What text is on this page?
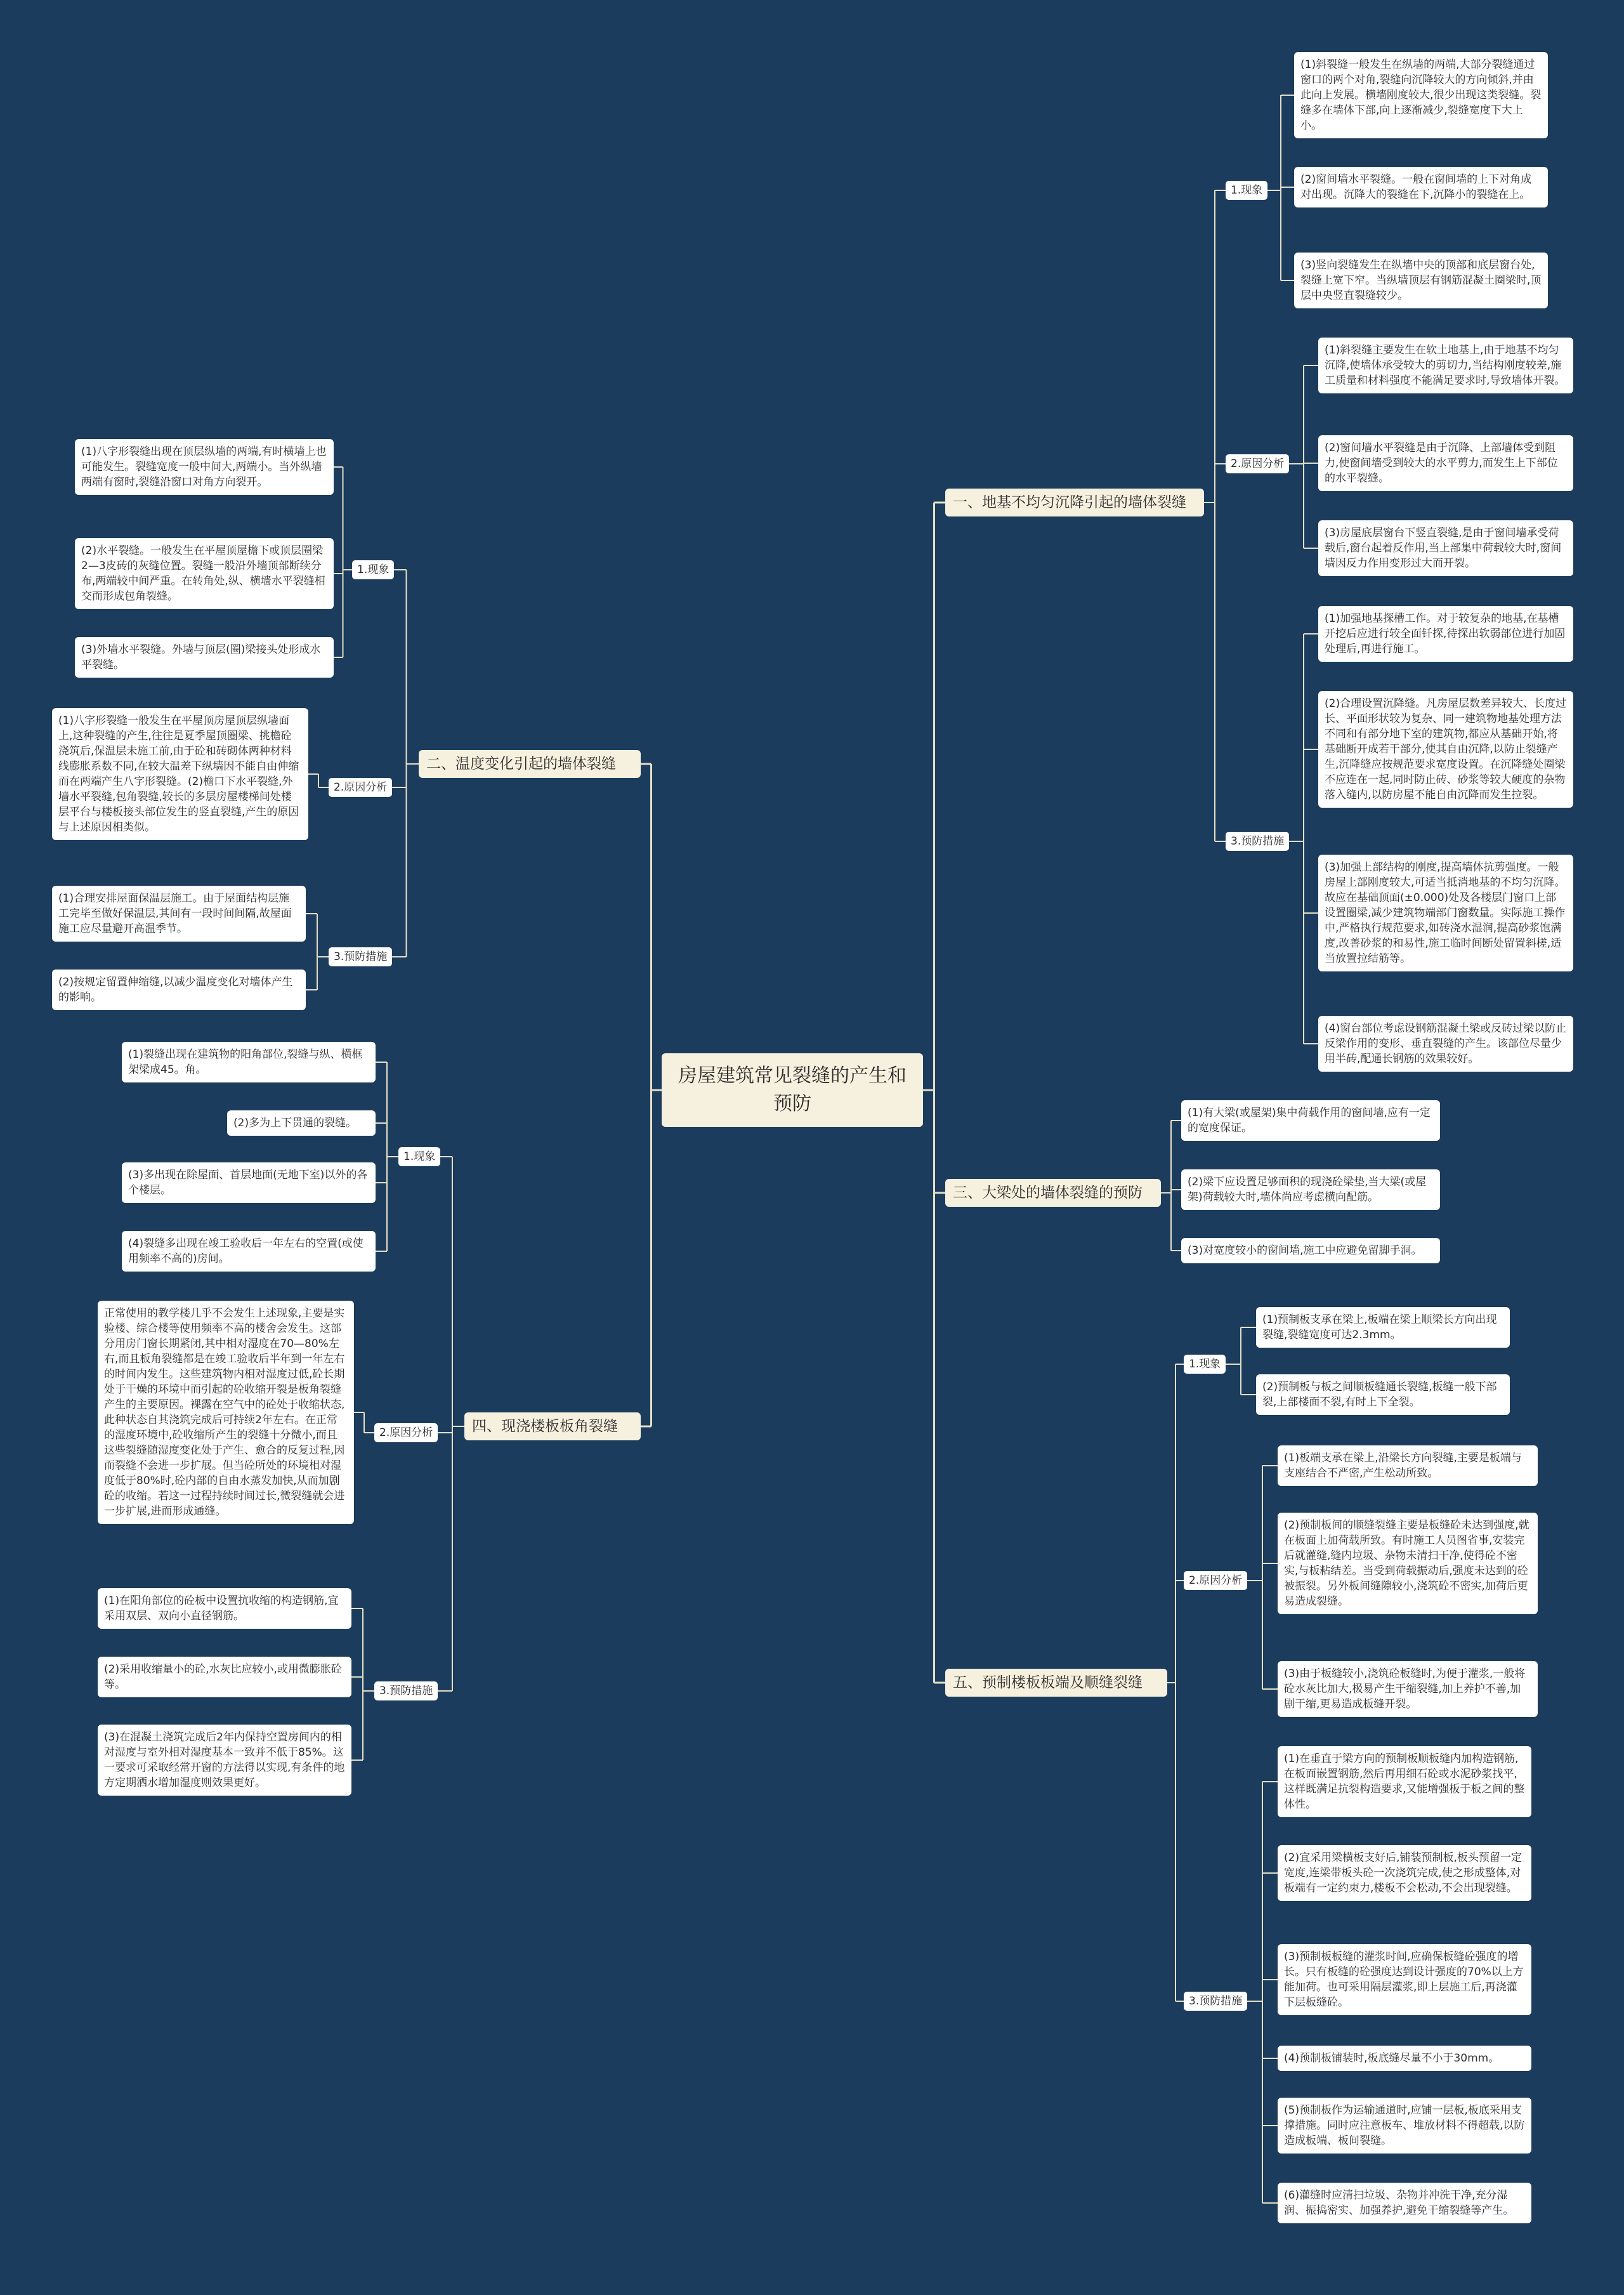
房屋建筑常见裂缝的产生和预防
一、地基不均匀沉降引起的墙体裂缝
1.现象
2.原因分析
3.预防措施
(1)斜裂缝一般发生在纵墙的两端,大部分裂缝通过窗口的两个对角,裂缝向沉降较大的方向倾斜,并由此向上发展。横墙刚度较大,很少出现这类裂缝。裂缝多在墙体下部,向上逐渐减少,裂缝宽度下大上小。
(2)窗间墙水平裂缝。一般在窗间墙的上下对角成对出现。沉降大的裂缝在下,沉降小的裂缝在上。
(3)竖向裂缝发生在纵墙中央的顶部和底层窗台处,裂缝上宽下窄。当纵墙顶层有钢筋混凝土圈梁时,顶层中央竖直裂缝较少。
(1)斜裂缝主要发生在软土地基上,由于地基不均匀沉降,使墙体承受较大的剪切力,当结构刚度较差,施工质量和材料强度不能满足要求时,导致墙体开裂。
(2)窗间墙水平裂缝是由于沉降、上部墙体受到阻力,使窗间墙受到较大的水平剪力,而发生上下部位的水平裂缝。
(3)房屋底层窗台下竖直裂缝,是由于窗间墙承受荷载后,窗台起着反作用,当上部集中荷载较大时,窗间墙因反力作用变形过大而开裂。
(1)加强地基探槽工作。对于较复杂的地基,在基槽开挖后应进行较全面钎探,待探出软弱部位进行加固处理后,再进行施工。
(2)合理设置沉降缝。凡房屋层数差异较大、长度过长、平面形状较为复杂、同一建筑物地基处理方法不同和有部分地下室的建筑物,都应从基础开始,将基础断开成若干部分,使其自由沉降,以防止裂缝产生,沉降缝应按规范要求宽度设置。在沉降缝处圈梁不应连在一起,同时防止砖、砂浆等较大硬度的杂物落入缝内,以防房屋不能自由沉降而发生拉裂。
(3)加强上部结构的刚度,提高墙体抗剪强度。一般房屋上部刚度较大,可适当抵消地基的不均匀沉降。故应在基础顶面(±0.000)处及各楼层门窗口上部设置圈梁,减少建筑物端部门窗数量。实际施工操作中,严格执行规范要求,如砖浇水湿润,提高砂浆饱满度,改善砂浆的和易性,施工临时间断处留置斜槎,适当放置拉结筋等。
(4)窗台部位考虑设钢筋混凝土梁或反砖过梁以防止反梁作用的变形、垂直裂缝的产生。该部位尽量少用半砖,配通长钢筋的效果较好。
三、大梁处的墙体裂缝的预防
(1)有大梁(或屋架)集中荷载作用的窗间墙,应有一定的宽度保证。
(2)梁下应设置足够面积的现浇砼梁垫,当大梁(或屋架)荷载较大时,墙体尚应考虑横向配筋。
(3)对宽度较小的窗间墙,施工中应避免留脚手洞。
五、预制楼板板端及顺缝裂缝
1.现象
2.原因分析
3.预防措施
(1)预制板支承在梁上,板端在梁上顺梁长方向出现裂缝,裂缝宽度可达2.3mm。
(2)预制板与板之间顺板缝通长裂缝,板缝一般下部裂,上部楼面不裂,有时上下全裂。
(1)板端支承在梁上,沿梁长方向裂缝,主要是板端与支座结合不严密,产生松动所致。
(2)预制板间的顺缝裂缝主要是板缝砼未达到强度,就在板面上加荷载所致。有时施工人员图省事,安装完后就灌缝,缝内垃圾、杂物未清扫干净,使得砼不密实,与板粘结差。当受到荷载振动后,强度未达到的砼被振裂。另外板间缝隙较小,浇筑砼不密实,加荷后更易造成裂缝。
(3)由于板缝较小,浇筑砼板缝时,为便于灌浆,一般将砼水灰比加大,极易产生干缩裂缝,加上养护不善,加剧干缩,更易造成板缝开裂。
(1)在垂直于梁方向的预制板顺板缝内加构造钢筋,在板面嵌置钢筋,然后再用细石砼或水泥砂浆找平,这样既满足抗裂构造要求,又能增强板于板之间的整体性。
(2)宜采用梁横板支好后,铺装预制板,板头预留一定宽度,连梁带板头砼一次浇筑完成,使之形成整体,对板端有一定约束力,楼板不会松动,不会出现裂缝。
(3)预制板板缝的灌浆时间,应确保板缝砼强度的增长。只有板缝的砼强度达到设计强度的70%以上方能加荷。也可采用隔层灌浆,即上层施工后,再浇灌下层板缝砼。
(4)预制板铺装时,板底缝尽量不小于30mm。
(5)预制板作为运输通道时,应铺一层板,板底采用支撑措施。同时应注意板车、堆放材料不得超载,以防造成板端、板间裂缝。
(6)灌缝时应清扫垃圾、杂物并冲洗干净,充分湿润、振捣密实、加强养护,避免干缩裂缝等产生。
二、温度变化引起的墙体裂缝
1.现象
2.原因分析
3.预防措施
(1)八字形裂缝出现在顶层纵墙的两端,有时横墙上也可能发生。裂缝宽度一般中间大,两端小。当外纵墙两端有窗时,裂缝沿窗口对角方向裂开。
(2)水平裂缝。一般发生在平屋顶屋檐下或顶层圈梁2—3皮砖的灰缝位置。裂缝一般沿外墙顶部断续分布,两端较中间严重。在转角处,纵、横墙水平裂缝相交而形成包角裂缝。
(3)外墙水平裂缝。外墙与顶层(圈)梁接头处形成水平裂缝。
(1)八字形裂缝一般发生在平屋顶房屋顶层纵墙面上,这种裂缝的产生,往往是夏季屋顶圈梁、挑檐砼浇筑后,保温层未施工前,由于砼和砖砌体两种材料线膨胀系数不同,在较大温差下纵墙因不能自由伸缩而在两端产生八字形裂缝。(2)檐口下水平裂缝,外墙水平裂缝,包角裂缝,较长的多层房屋楼梯间处楼层平台与楼板接头部位发生的竖直裂缝,产生的原因与上述原因相类似。
(1)合理安排屋面保温层施工。由于屋面结构层施工完毕至做好保温层,其间有一段时间间隔,故屋面施工应尽量避开高温季节。
(2)按规定留置伸缩缝,以减少温度变化对墙体产生的影响。
四、现浇楼板板角裂缝
1.现象
2.原因分析
3.预防措施
(1)裂缝出现在建筑物的阳角部位,裂缝与纵、横框架梁成45。角。
(2)多为上下贯通的裂缝。
(3)多出现在除屋面、首层地面(无地下室)以外的各个楼层。
(4)裂缝多出现在竣工验收后一年左右的空置(或使用频率不高的)房间。
正常使用的教学楼几乎不会发生上述现象,主要是实验楼、综合楼等使用频率不高的楼舍会发生。这部分用房门窗长期紧闭,其中相对湿度在70—80%左右,而且板角裂缝都是在竣工验收后半年到一年左右的时间内发生。这些建筑物内相对湿度过低,砼长期处于干燥的环境中而引起的砼收缩开裂是板角裂缝产生的主要原因。裸露在空气中的砼处于收缩状态,此种状态自其浇筑完成后可持续2年左右。在正常的湿度环境中,砼收缩所产生的裂缝十分微小,而且这些裂缝随湿度变化处于产生、愈合的反复过程,因而裂缝不会进一步扩展。但当砼所处的环境相对湿度低于80%时,砼内部的自由水蒸发加快,从而加剧砼的收缩。若这一过程持续时间过长,微裂缝就会进一步扩展,进而形成通缝。
(1)在阳角部位的砼板中设置抗收缩的构造钢筋,宜采用双层、双向小直径钢筋。
(2)采用收缩量小的砼,水灰比应较小,或用微膨胀砼等。
(3)在混凝土浇筑完成后2年内保持空置房间内的相对湿度与室外相对湿度基本一致并不低于85%。这一要求可采取经常开窗的方法得以实现,有条件的地方定期洒水增加湿度则效果更好。
